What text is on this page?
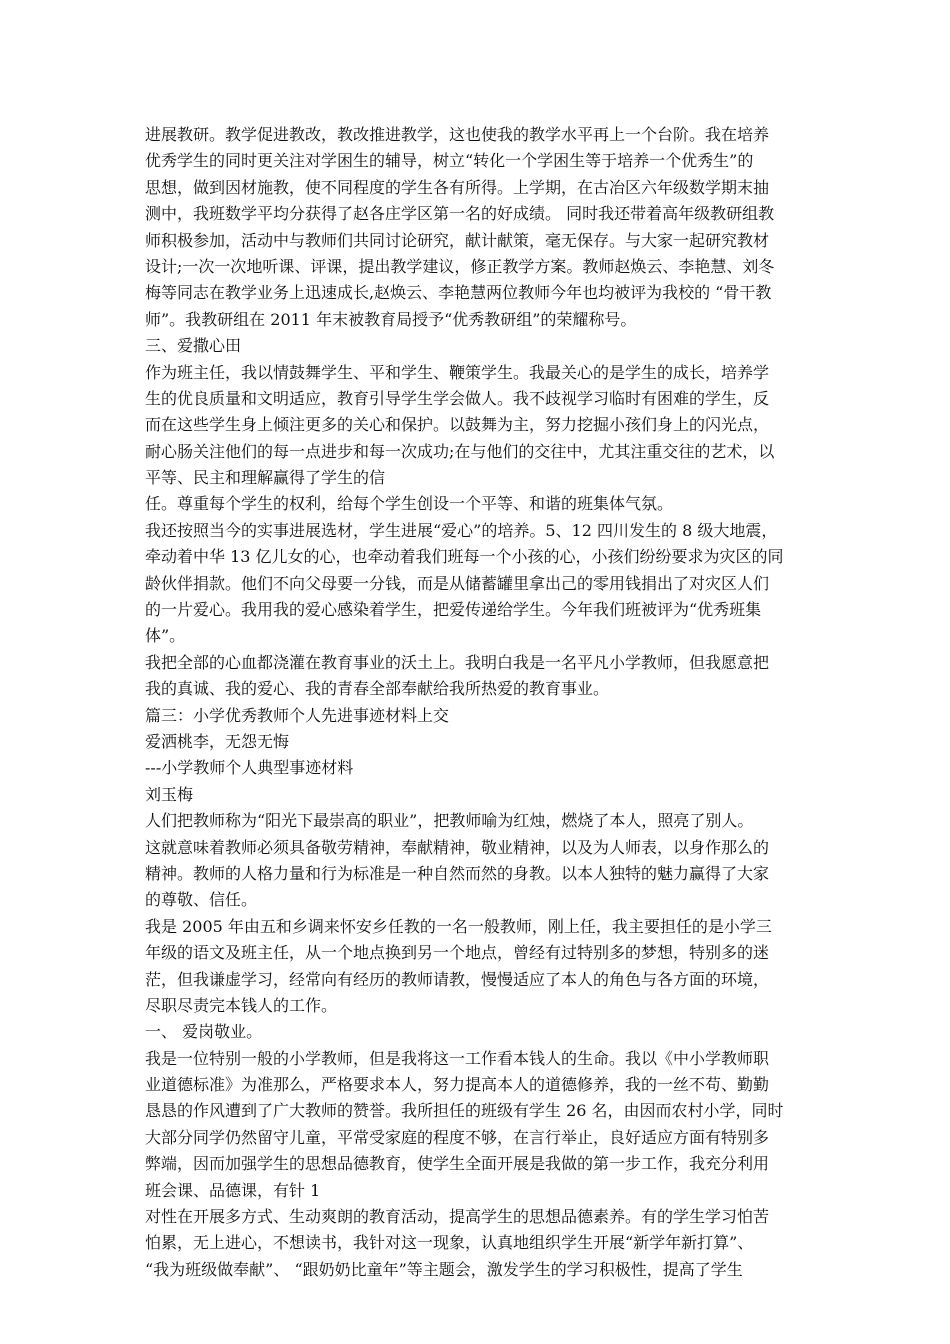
进展教研。教学促进教改，教改推进教学，这也使我的教学水平再上一个台阶。我在培养
优秀学生的同时更关注对学困生的辅导，树立“转化一个学困生等于培养一个优秀生”的
思想，做到因材施教，使不同程度的学生各有所得。上学期，在古冶区六年级数学期末抽
测中，我班数学平均分获得了赵各庄学区第一名的好成绩。 同时我还带着高年级教研组教
师积极参加，活动中与教师们共同讨论研究，献计献策，毫无保存。与大家一起研究教材
设计;一次一次地听课、评课，提出教学建议，修正教学方案。教师赵焕云、李艳慧、刘冬
梅等同志在教学业务上迅速成长,赵焕云、李艳慧两位教师今年也均被评为我校的 “骨干教
师”。我教研组在 2011 年末被教育局授予“优秀教研组”的荣耀称号。
三、爱撒心田
作为班主任，我以情鼓舞学生、平和学生、鞭策学生。我最关心的是学生的成长，培养学
生的优良质量和文明适应，教育引导学生学会做人。我不歧视学习临时有困难的学生，反
而在这些学生身上倾注更多的关心和保护。以鼓舞为主，努力挖掘小孩们身上的闪光点，
耐心肠关注他们的每一点进步和每一次成功;在与他们的交往中，尤其注重交往的艺术，以
平等、民主和理解赢得了学生的信
任。尊重每个学生的权利，给每个学生创设一个平等、和谐的班集体气氛。
我还按照当今的实事进展选材，学生进展“爱心”的培养。5、12 四川发生的 8 级大地震，
牵动着中华 13 亿儿女的心，也牵动着我们班每一个小孩的心，小孩们纷纷要求为灾区的同
龄伙伴捐款。他们不向父母要一分钱，而是从储蓄罐里拿出己的零用钱捐出了对灾区人们
的一片爱心。我用我的爱心感染着学生，把爱传递给学生。今年我们班被评为“优秀班集
体”。
我把全部的心血都浇灌在教育事业的沃土上。我明白我是一名平凡小学教师，但我愿意把
我的真诚、我的爱心、我的青春全部奉献给我所热爱的教育事业。
篇三：小学优秀教师个人先进事迹材料上交
爱洒桃李，无怨无悔
---小学教师个人典型事迹材料
刘玉梅
人们把教师称为“阳光下最崇高的职业”，把教师喻为红烛，燃烧了本人，照亮了别人。
这就意味着教师必须具备敬劳精神，奉献精神，敬业精神，以及为人师表，以身作那么的
精神。教师的人格力量和行为标准是一种自然而然的身教。以本人独特的魅力赢得了大家
的尊敬、信任。
我是 2005 年由五和乡调来怀安乡任教的一名一般教师，刚上任，我主要担任的是小学三
年级的语文及班主任，从一个地点换到另一个地点，曾经有过特别多的梦想，特别多的迷
茫，但我谦虚学习，经常向有经历的教师请教，慢慢适应了本人的角色与各方面的环境，
尽职尽责完本钱人的工作。
一、 爱岗敬业。
我是一位特别一般的小学教师，但是我将这一工作看本钱人的生命。我以《中小学教师职
业道德标准》为准那么，严格要求本人，努力提高本人的道德修养，我的一丝不苟、勤勤
恳恳的作风遭到了广大教师的赞誉。我所担任的班级有学生 26 名，由因而农村小学，同时
大部分同学仍然留守儿童，平常受家庭的程度不够，在言行举止，良好适应方面有特别多
弊端，因而加强学生的思想品德教育，使学生全面开展是我做的第一步工作，我充分利用
班会课、品德课，有针 1
对性在开展多方式、生动爽朗的教育活动，提高学生的思想品德素养。有的学生学习怕苦
怕累，无上进心，不想读书，我针对这一现象，认真地组织学生开展“新学年新打算”、
“我为班级做奉献”、 “跟奶奶比童年”等主题会，激发学生的学习积极性，提高了学生
